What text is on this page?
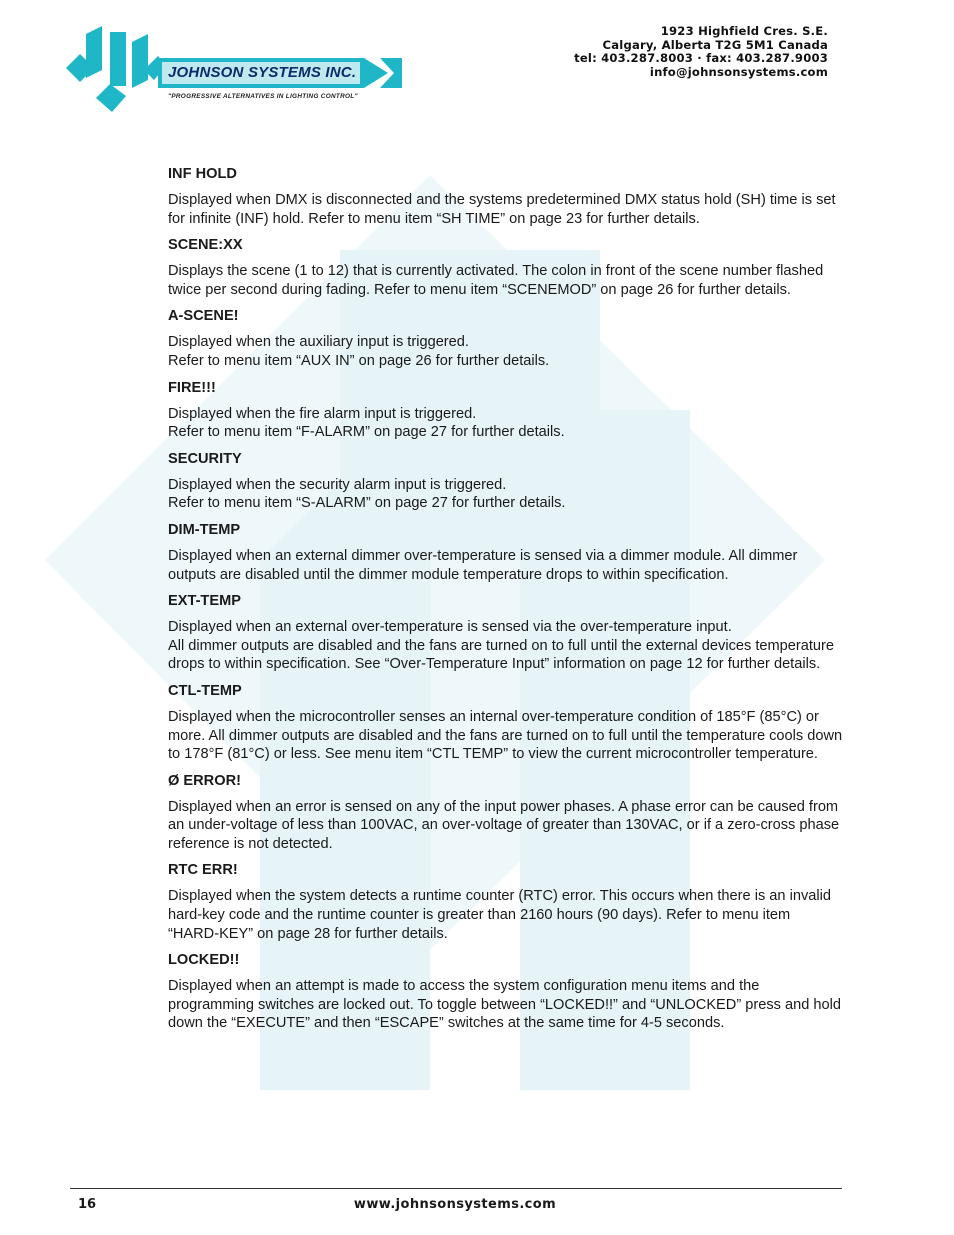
JOHNSON SYSTEMS INC.
"PROGRESSIVE ALTERNATIVES IN LIGHTING CONTROL"
1923 Highfield Cres. S.E.
Calgary, Alberta T2G 5M1 Canada
tel: 403.287.8003 · fax: 403.287.9003
info@johnsonsystems.com
INF HOLD

Displayed when DMX is disconnected and the systems predetermined DMX status hold (SH) time is set for infinite (INF) hold. Refer to menu item “SH TIME” on page 23 for further details.

SCENE:XX

Displays the scene (1 to 12) that is currently activated. The colon in front of the scene number flashed twice per second during fading. Refer to menu item “SCENEMOD” on page 26 for further details.

A-SCENE!

Displayed when the auxiliary input is triggered.
Refer to menu item “AUX IN” on page 26 for further details.

FIRE!!!

Displayed when the fire alarm input is triggered.
Refer to menu item “F-ALARM” on page 27 for further details.

SECURITY

Displayed when the security alarm input is triggered.
Refer to menu item “S-ALARM” on page 27 for further details.

DIM-TEMP

Displayed when an external dimmer over-temperature is sensed via a dimmer module. All dimmer outputs are disabled until the dimmer module temperature drops to within specification.

EXT-TEMP

Displayed when an external over-temperature is sensed via the over-temperature input.
All dimmer outputs are disabled and the fans are turned on to full until the external devices temperature drops to within specification. See “Over-Temperature Input” information on page 12 for further details.

CTL-TEMP

Displayed when the microcontroller senses an internal over-temperature condition of 185°F (85°C) or more. All dimmer outputs are disabled and the fans are turned on to full until the temperature cools down to 178°F (81°C) or less. See menu item “CTL TEMP” to view the current microcontroller temperature.

Ø ERROR!

Displayed when an error is sensed on any of the input power phases. A phase error can be caused from an under-voltage of less than 100VAC, an over-voltage of greater than 130VAC, or if a zero-cross phase reference is not detected.

RTC ERR!

Displayed when the system detects a runtime counter (RTC) error. This occurs when there is an invalid hard-key code and the runtime counter is greater than 2160 hours (90 days). Refer to menu item “HARD-KEY” on page 28 for further details.

LOCKED!!

Displayed when an attempt is made to access the system configuration menu items and the programming switches are locked out. To toggle between “LOCKED!!” and “UNLOCKED” press and hold down the “EXECUTE” and then “ESCAPE” switches at the same time for 4-5 seconds.

16	www.johnsonsystems.com
